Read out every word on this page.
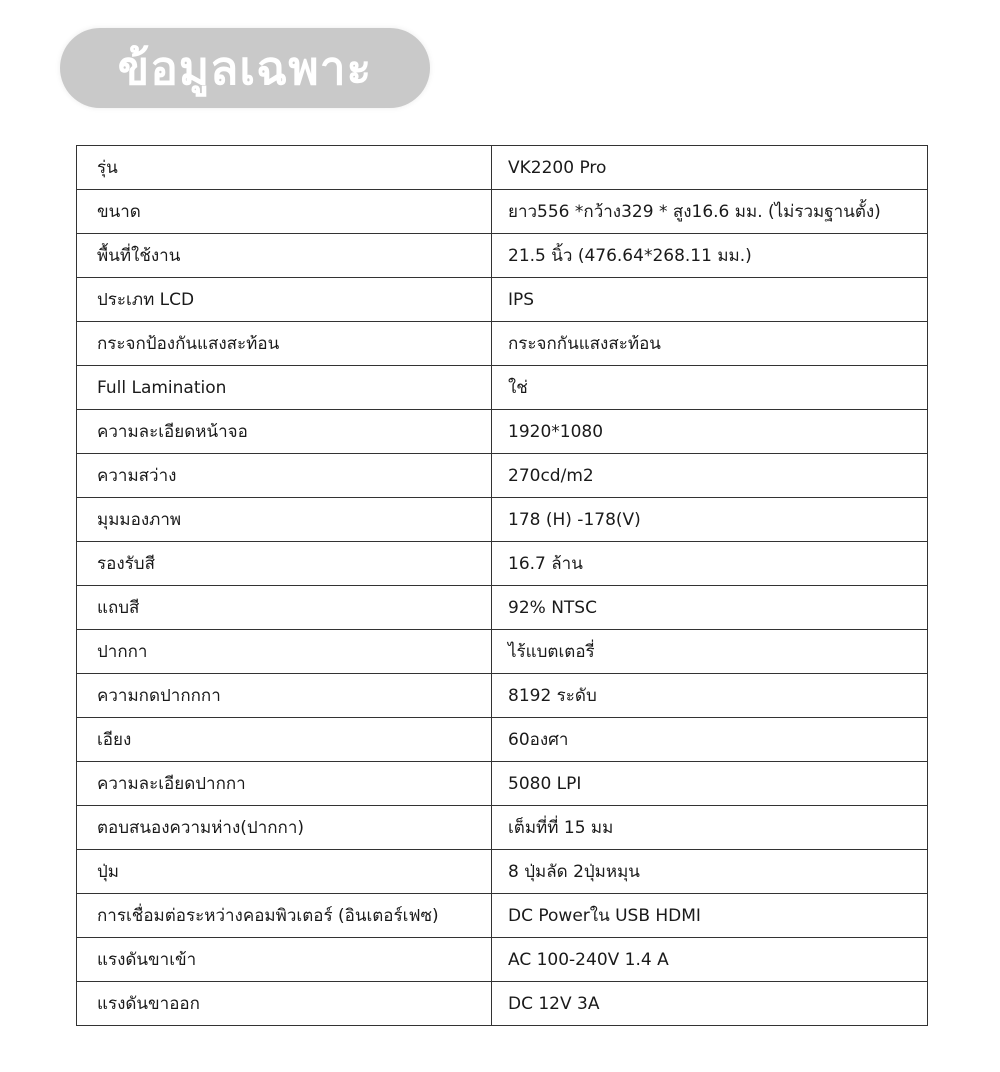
ข้อมูลเฉพาะ
รุ่น	VK2200 Pro
ขนาด	ยาว556 *กว้าง329 * สูง16.6 มม. (ไม่รวมฐานตั้ง)
พื้นที่ใช้งาน	21.5 นิ้ว (476.64*268.11 มม.)
ประเภท LCD	IPS
กระจกป้องกันแสงสะท้อน	กระจกกันแสงสะท้อน
Full Lamination	ใช่
ความละเอียดหน้าจอ	1920*1080
ความสว่าง	270cd/m2
มุมมองภาพ	178 (H) -178(V)
รองรับสี	16.7 ล้าน
แถบสี	92% NTSC
ปากกา	ไร้แบตเตอรี่
ความกดปากกกา	8192 ระดับ
เอียง	60องศา
ความละเอียดปากกา	5080 LPI
ตอบสนองความห่าง(ปากกา)	เต็มที่ที่ 15 มม
ปุ่ม	8 ปุ่มลัด 2ปุ่มหมุน
การเชื่อมต่อระหว่างคอมพิวเตอร์ (อินเตอร์เฟซ)	DC Powerใน USB HDMI
แรงดันขาเข้า	AC 100-240V 1.4 A
แรงดันขาออก	DC 12V 3A
